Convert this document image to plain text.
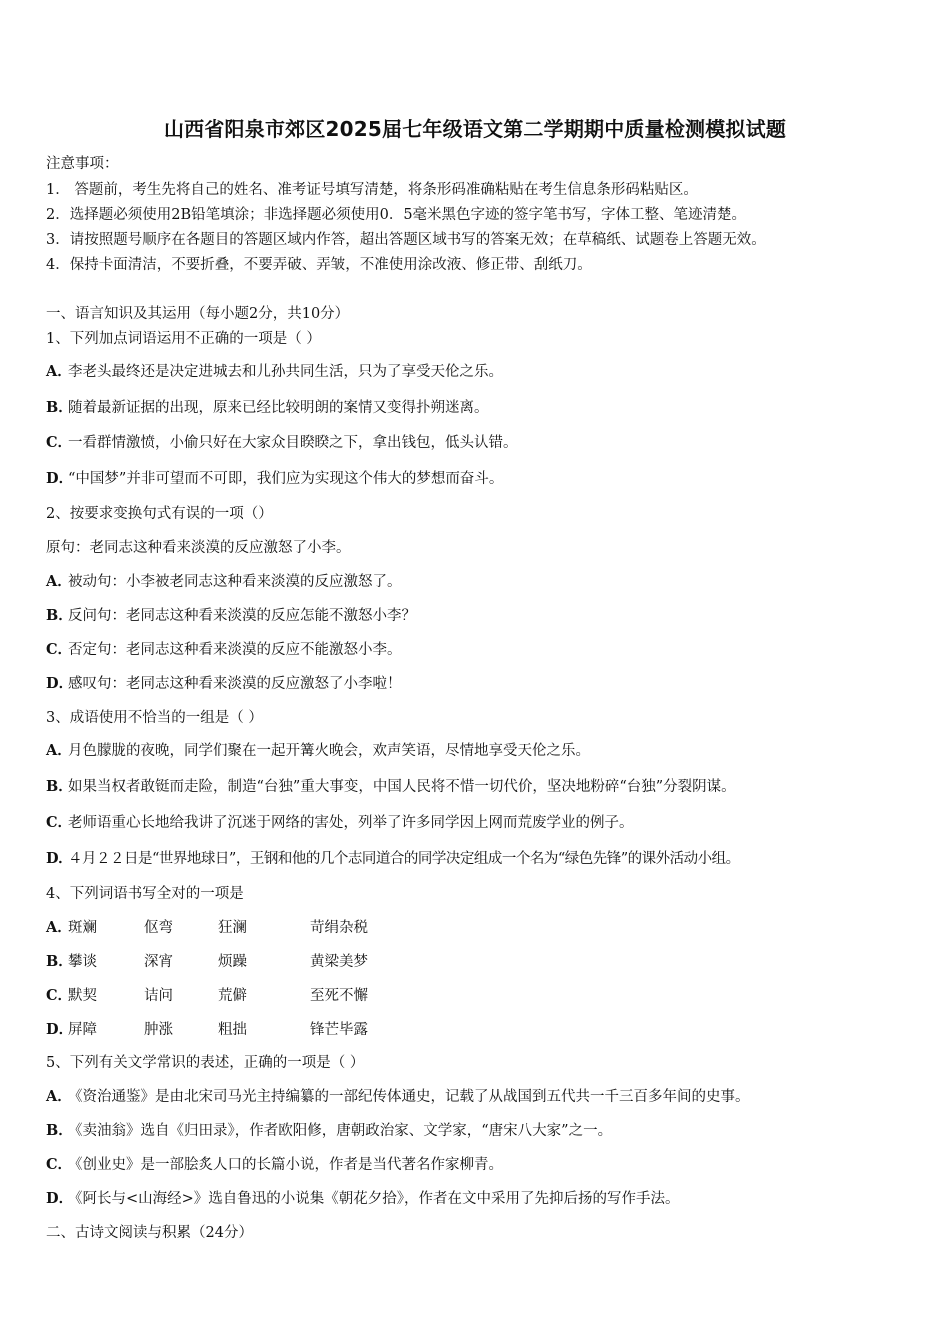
山西省阳泉市郊区2025届七年级语文第二学期期中质量检测模拟试题
注意事项：
1． 答题前，考生先将自己的姓名、准考证号填写清楚，将条形码准确粘贴在考生信息条形码粘贴区。
2．选择题必须使用2B铅笔填涂；非选择题必须使用0．5毫米黑色字迹的签字笔书写，字体工整、笔迹清楚。
3．请按照题号顺序在各题目的答题区域内作答，超出答题区域书写的答案无效；在草稿纸、试题卷上答题无效。
4．保持卡面清洁，不要折叠，不要弄破、弄皱，不准使用涂改液、修正带、刮纸刀。
一、语言知识及其运用（每小题2分，共10分）
1、下列加点词语运用不正确的一项是（ ）
A．李老头最终还是决定进城去和儿孙共同生活，只为了享受天伦之乐。
B．随着最新证据的出现，原来已经比较明朗的案情又变得扑朔迷离。
C．一看群情激愤，小偷只好在大家众目睽睽之下，拿出钱包，低头认错。
D．“中国梦”并非可望而不可即，我们应为实现这个伟大的梦想而奋斗。
2、按要求变换句式有误的一项（）
原句：老同志这种看来淡漠的反应激怒了小李。
A．被动句：小李被老同志这种看来淡漠的反应激怒了。
B．反问句：老同志这种看来淡漠的反应怎能不激怒小李？
C．否定句：老同志这种看来淡漠的反应不能激怒小李。
D．感叹句：老同志这种看来淡漠的反应激怒了小李啦！
3、成语使用不恰当的一组是（ ）
A．月色朦胧的夜晚，同学们聚在一起开篝火晚会，欢声笑语，尽情地享受天伦之乐。
B．如果当权者敢铤而走险，制造“台独”重大事变，中国人民将不惜一切代价，坚决地粉碎“台独”分裂阴谋。
C．老师语重心长地给我讲了沉迷于网络的害处，列举了许多同学因上网而荒废学业的例子。
D．４月２２日是“世界地球日”，王钢和他的几个志同道合的同学决定组成一个名为“绿色先锋”的课外活动小组。
4、下列词语书写全对的一项是
A．斑斓	伛弯	狂澜	苛绢杂税
B．攀谈	深宵	烦躁	黄梁美梦
C．默契	诘问	荒僻	至死不懈
D．屏障	肿涨	粗拙	锋芒毕露
5、下列有关文学常识的表述，正确的一项是（ ）
A．《资治通鉴》是由北宋司马光主持编纂的一部纪传体通史，记载了从战国到五代共一千三百多年间的史事。
B．《卖油翁》选自《归田录》，作者欧阳修，唐朝政治家、文学家，“唐宋八大家”之一。
C．《创业史》是一部脍炙人口的长篇小说，作者是当代著名作家柳青。
D．《阿长与<山海经>》选自鲁迅的小说集《朝花夕拾》，作者在文中采用了先抑后扬的写作手法。
二、古诗文阅读与积累（24分）
